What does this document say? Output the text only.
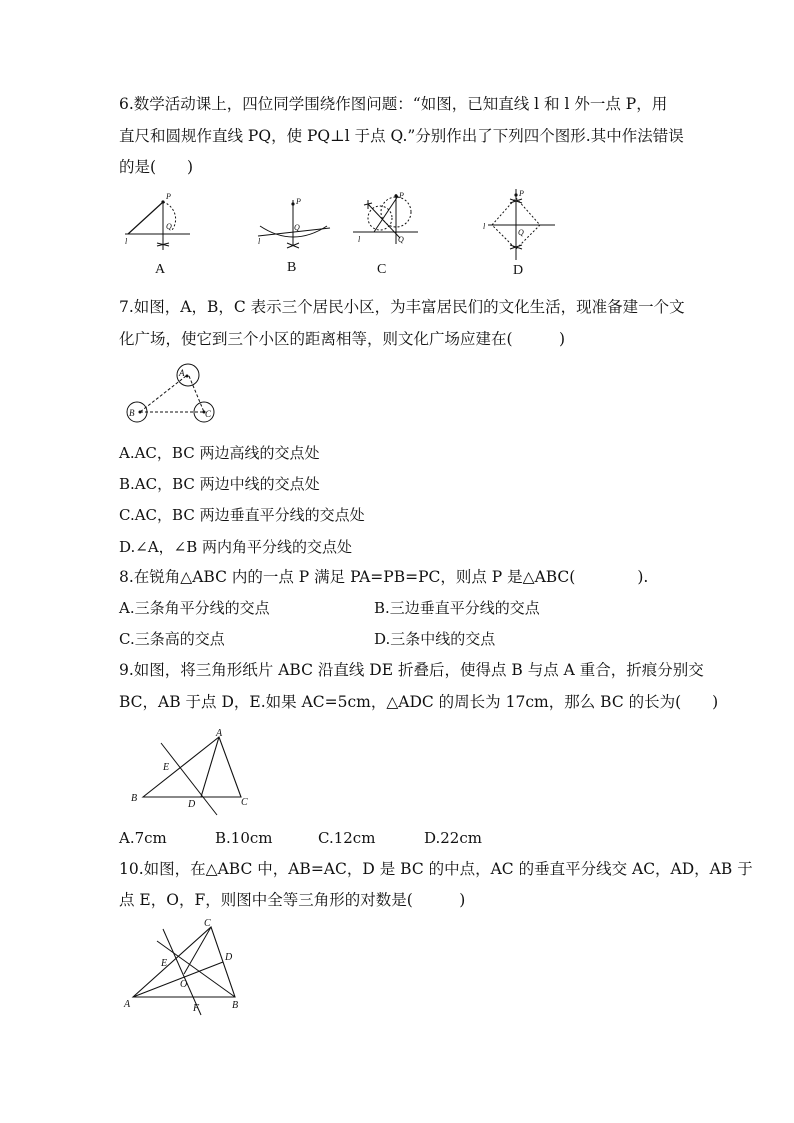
6.数学活动课上，四位同学围绕作图问题：“如图，已知直线 l 和 l 外一点 P，用
直尺和圆规作直线 PQ，使 PQ⊥l 于点 Q.”分别作出了下列四个图形.其中作法错误
的是(　　)
P
Q
l
A
P
Q
l
B
P
Q
l
C
P
Q
l
D
7.如图，A，B，C 表示三个居民小区，为丰富居民们的文化生活，现准备建一个文
化广场，使它到三个小区的距离相等，则文化广场应建在(　　　)
A
B	C
A.AC，BC 两边高线的交点处
B.AC，BC 两边中线的交点处
C.AC，BC 两边垂直平分线的交点处
D.∠A，∠B 两内角平分线的交点处
8.在锐角△ABC 内的一点 P 满足 PA=PB=PC，则点 P 是△ABC(　　　　).
A.三条角平分线的交点	B.三边垂直平分线的交点
C.三条高的交点	D.三条中线的交点
9.如图，将三角形纸片 ABC 沿直线 DE 折叠后，使得点 B 与点 A 重合，折痕分别交
BC，AB 于点 D，E.如果 AC=5cm，△ADC 的周长为 17cm，那么 BC 的长为(　　)
A
B	C
D
E
A.7cm	B.10cm	C.12cm	D.22cm
10.如图，在△ABC 中，AB=AC，D 是 BC 的中点，AC 的垂直平分线交 AC，AD，AB 于
点 E，O，F，则图中全等三角形的对数是(　　　)
C
A	B
D
E
O
F
